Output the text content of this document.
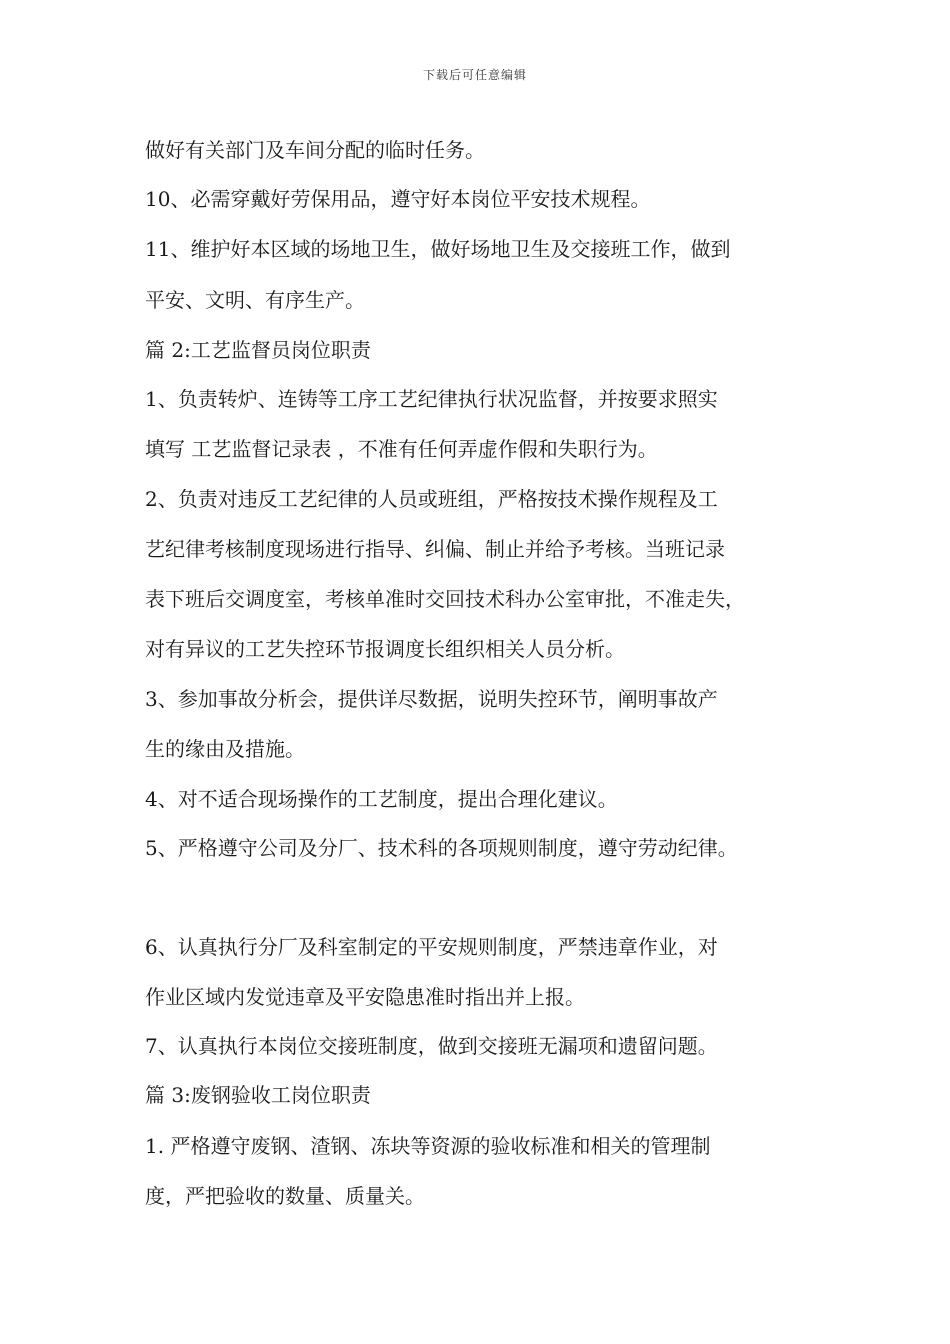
下载后可任意编辑
做好有关部门及车间分配的临时任务。
10、必需穿戴好劳保用品，遵守好本岗位平安技术规程。
11、维护好本区域的场地卫生，做好场地卫生及交接班工作，做到
平安、文明、有序生产。
篇 2:工艺监督员岗位职责
1、负责转炉、连铸等工序工艺纪律执行状况监督，并按要求照实
填写 工艺监督记录表 ，不准有任何弄虚作假和失职行为。
2、负责对违反工艺纪律的人员或班组，严格按技术操作规程及工
艺纪律考核制度现场进行指导、纠偏、制止并给予考核。当班记录
表下班后交调度室，考核单准时交回技术科办公室审批，不准走失，
对有异议的工艺失控环节报调度长组织相关人员分析。
3、参加事故分析会，提供详尽数据，说明失控环节，阐明事故产
生的缘由及措施。
4、对不适合现场操作的工艺制度，提出合理化建议。
5、严格遵守公司及分厂、技术科的各项规则制度，遵守劳动纪律。
6、认真执行分厂及科室制定的平安规则制度，严禁违章作业，对
作业区域内发觉违章及平安隐患准时指出并上报。
7、认真执行本岗位交接班制度，做到交接班无漏项和遗留问题。
篇 3:废钢验收工岗位职责
1. 严格遵守废钢、渣钢、冻块等资源的验收标准和相关的管理制
度，严把验收的数量、质量关。
